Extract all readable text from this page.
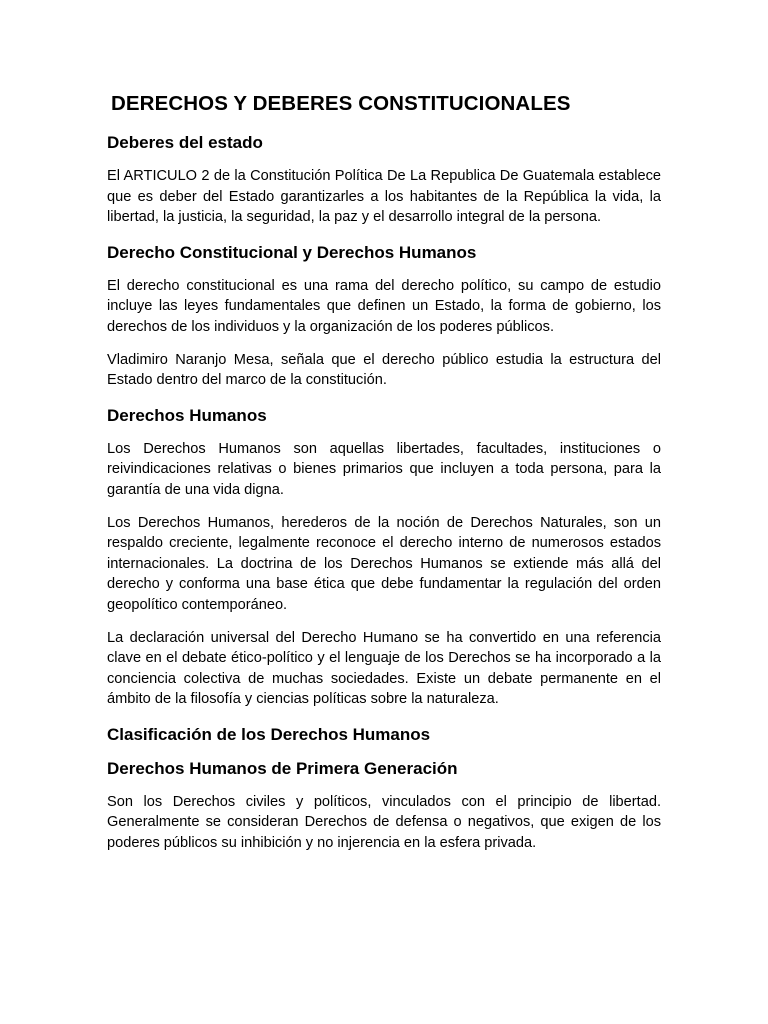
DERECHOS Y DEBERES CONSTITUCIONALES
Deberes del estado

El ARTICULO 2 de la Constitución Política De La Republica De Guatemala establece que es deber del Estado garantizarles a los habitantes de la República la vida, la libertad, la justicia, la seguridad, la paz y el desarrollo integral de la persona.

Derecho Constitucional y Derechos Humanos

El derecho constitucional es una rama del derecho político, su campo de estudio incluye las leyes fundamentales que definen un Estado, la forma de gobierno, los derechos de los individuos y la organización de los poderes públicos.

Vladimiro Naranjo Mesa, señala que el derecho público estudia la estructura del Estado dentro del marco de la constitución.

Derechos Humanos

Los Derechos Humanos son aquellas libertades, facultades, instituciones o reivindicaciones relativas o bienes primarios que incluyen a toda persona, para la garantía de una vida digna.

Los Derechos Humanos, herederos de la noción de Derechos Naturales, son un respaldo creciente, legalmente reconoce el derecho interno de numerosos estados internacionales. La doctrina de los Derechos Humanos se extiende más allá del derecho y conforma una base ética que debe fundamentar la regulación del orden geopolítico contemporáneo.

La declaración universal del Derecho Humano se ha convertido en una referencia clave en el debate ético-político y el lenguaje de los Derechos se ha incorporado a la conciencia colectiva de muchas sociedades. Existe un debate permanente en el ámbito de la filosofía y ciencias políticas sobre la naturaleza.

Clasificación de los Derechos Humanos
Derechos Humanos de Primera Generación

Son los Derechos civiles y políticos, vinculados con el principio de libertad. Generalmente se consideran Derechos de defensa o negativos, que exigen de los poderes públicos su inhibición y no injerencia en la esfera privada.
